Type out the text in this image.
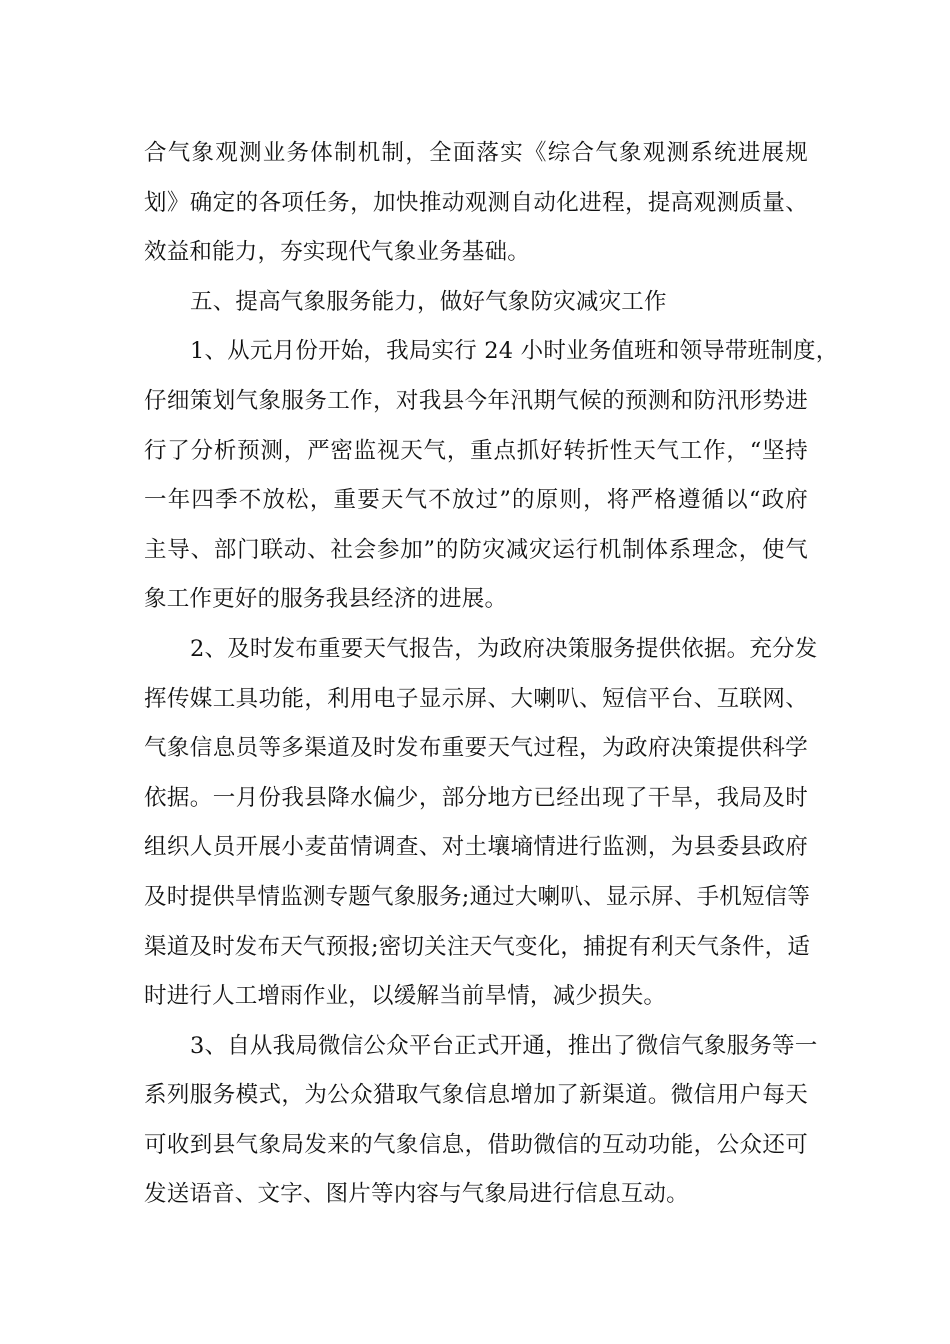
合气象观测业务体制机制，全面落实《综合气象观测系统进展规
划》确定的各项任务，加快推动观测自动化进程，提高观测质量、
效益和能力，夯实现代气象业务基础。
五、提高气象服务能力，做好气象防灾减灾工作
1、从元月份开始，我局实行 24 小时业务值班和领导带班制度，
仔细策划气象服务工作，对我县今年汛期气候的预测和防汛形势进
行了分析预测，严密监视天气，重点抓好转折性天气工作，“坚持
一年四季不放松，重要天气不放过”的原则，将严格遵循以“政府
主导、部门联动、社会参加”的防灾减灾运行机制体系理念，使气
象工作更好的服务我县经济的进展。
2、及时发布重要天气报告，为政府决策服务提供依据。充分发
挥传媒工具功能，利用电子显示屏、大喇叭、短信平台、互联网、
气象信息员等多渠道及时发布重要天气过程，为政府决策提供科学
依据。一月份我县降水偏少，部分地方已经出现了干旱，我局及时
组织人员开展小麦苗情调查、对土壤墒情进行监测，为县委县政府
及时提供旱情监测专题气象服务;通过大喇叭、显示屏、手机短信等
渠道及时发布天气预报;密切关注天气变化，捕捉有利天气条件，适
时进行人工增雨作业，以缓解当前旱情，减少损失。
3、自从我局微信公众平台正式开通，推出了微信气象服务等一
系列服务模式，为公众猎取气象信息增加了新渠道。微信用户每天
可收到县气象局发来的气象信息，借助微信的互动功能，公众还可
发送语音、文字、图片等内容与气象局进行信息互动。
